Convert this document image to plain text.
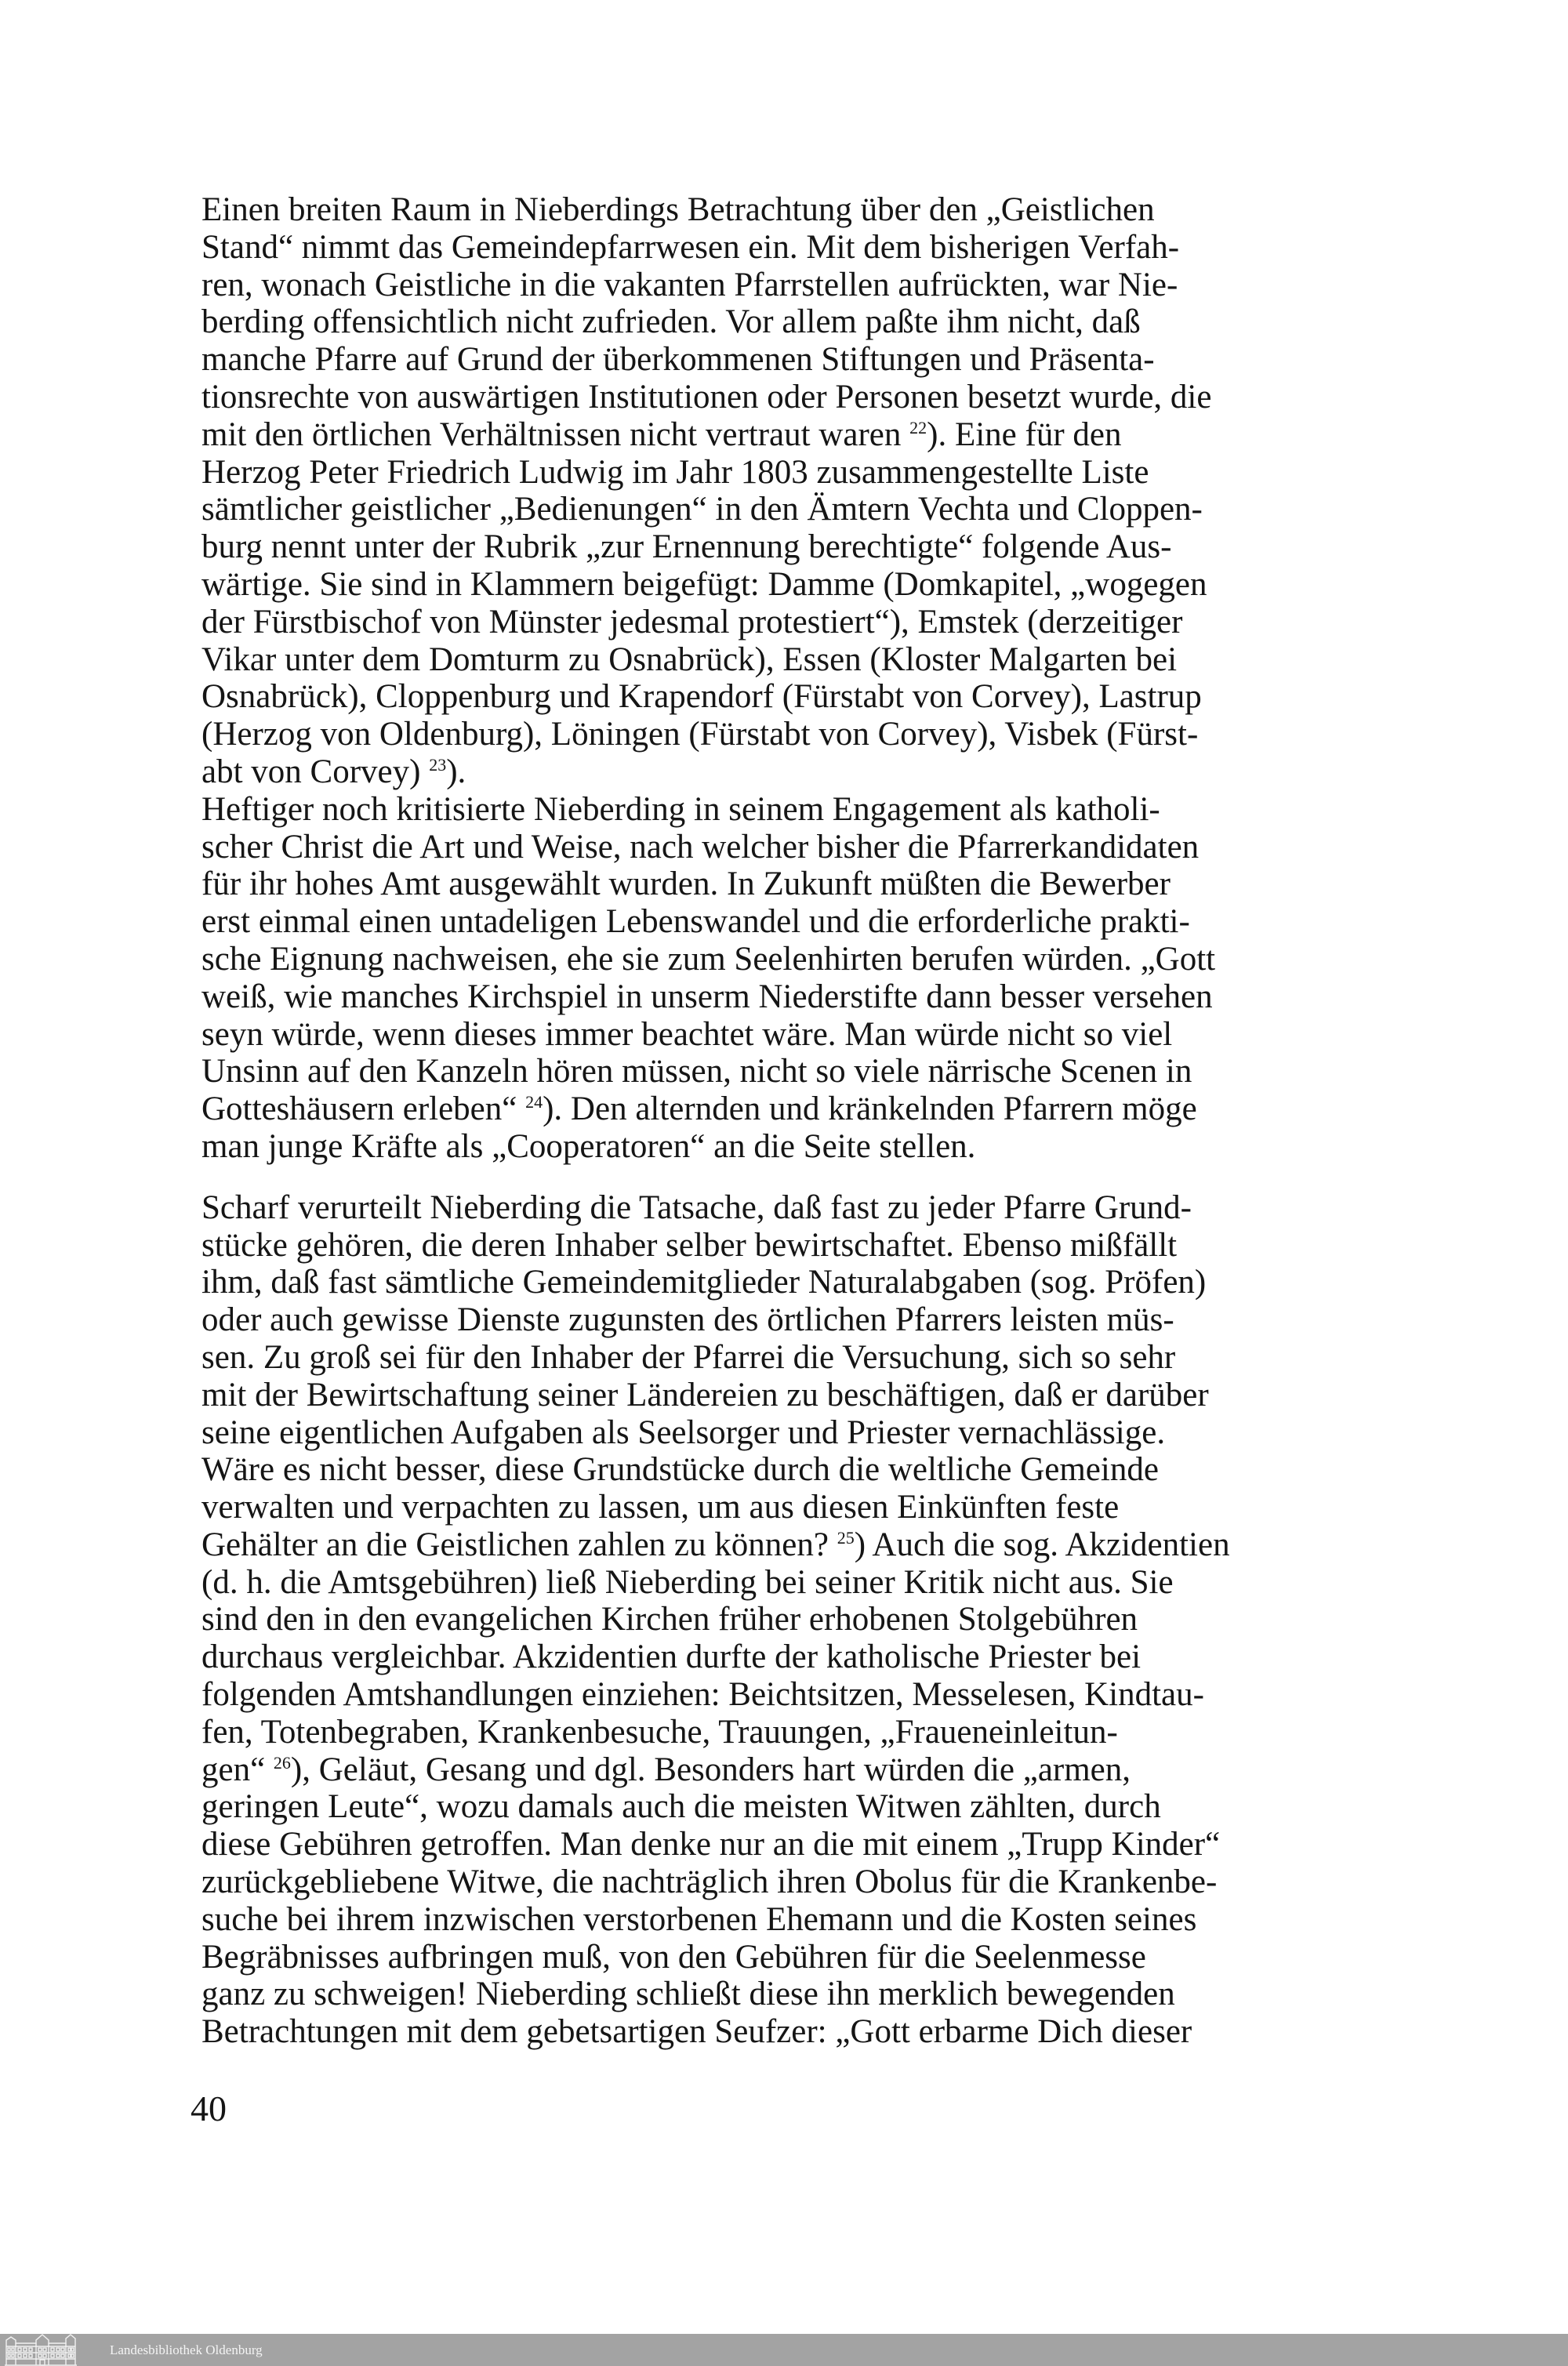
Einen breiten Raum in Nieberdings Betrachtung über den „Geistlichen
Stand“ nimmt das Gemeindepfarrwesen ein. Mit dem bisherigen Verfah-
ren, wonach Geistliche in die vakanten Pfarrstellen aufrückten, war Nie-
berding offensichtlich nicht zufrieden. Vor allem paßte ihm nicht, daß
manche Pfarre auf Grund der überkommenen Stiftungen und Präsenta-
tionsrechte von auswärtigen Institutionen oder Personen besetzt wurde, die
mit den örtlichen Verhältnissen nicht vertraut waren $^{22}$). Eine für den
Herzog Peter Friedrich Ludwig im Jahr 1803 zusammengestellte Liste
sämtlicher geistlicher „Bedienungen“ in den Ämtern Vechta und Cloppen-
burg nennt unter der Rubrik „zur Ernennung berechtigte“ folgende Aus-
wärtige. Sie sind in Klammern beigefügt: Damme (Domkapitel, „wogegen
der Fürstbischof von Münster jedesmal protestiert“), Emstek (derzeitiger
Vikar unter dem Domturm zu Osnabrück), Essen (Kloster Malgarten bei
Osnabrück), Cloppenburg und Krapendorf (Fürstabt von Corvey), Lastrup
(Herzog von Oldenburg), Löningen (Fürstabt von Corvey), Visbek (Fürst-
abt von Corvey) $^{23}$).
Heftiger noch kritisierte Nieberding in seinem Engagement als katholi-
scher Christ die Art und Weise, nach welcher bisher die Pfarrerkandidaten
für ihr hohes Amt ausgewählt wurden. In Zukunft müßten die Bewerber
erst einmal einen untadeligen Lebenswandel und die erforderliche prakti-
sche Eignung nachweisen, ehe sie zum Seelenhirten berufen würden. „Gott
weiß, wie manches Kirchspiel in unserm Niederstifte dann besser versehen
seyn würde, wenn dieses immer beachtet wäre. Man würde nicht so viel
Unsinn auf den Kanzeln hören müssen, nicht so viele närrische Scenen in
Gotteshäusern erleben“ $^{24}$). Den alternden und kränkelnden Pfarrern möge
man junge Kräfte als „Cooperatoren“ an die Seite stellen.
Scharf verurteilt Nieberding die Tatsache, daß fast zu jeder Pfarre Grund-
stücke gehören, die deren Inhaber selber bewirtschaftet. Ebenso mißfällt
ihm, daß fast sämtliche Gemeindemitglieder Naturalabgaben (sog. Pröfen)
oder auch gewisse Dienste zugunsten des örtlichen Pfarrers leisten müs-
sen. Zu groß sei für den Inhaber der Pfarrei die Versuchung, sich so sehr
mit der Bewirtschaftung seiner Ländereien zu beschäftigen, daß er darüber
seine eigentlichen Aufgaben als Seelsorger und Priester vernachlässige.
Wäre es nicht besser, diese Grundstücke durch die weltliche Gemeinde
verwalten und verpachten zu lassen, um aus diesen Einkünften feste
Gehälter an die Geistlichen zahlen zu können? $^{25}$) Auch die sog. Akzidentien
(d. h. die Amtsgebühren) ließ Nieberding bei seiner Kritik nicht aus. Sie
sind den in den evangelichen Kirchen früher erhobenen Stolgebühren
durchaus vergleichbar. Akzidentien durfte der katholische Priester bei
folgenden Amtshandlungen einziehen: Beichtsitzen, Messelesen, Kindtau-
fen, Totenbegraben, Krankenbesuche, Trauungen, „Fraueneinleitun-
gen“ $^{26}$), Geläut, Gesang und dgl. Besonders hart würden die „armen,
geringen Leute“, wozu damals auch die meisten Witwen zählten, durch
diese Gebühren getroffen. Man denke nur an die mit einem „Trupp Kinder“
zurückgebliebene Witwe, die nachträglich ihren Obolus für die Krankenbe-
suche bei ihrem inzwischen verstorbenen Ehemann und die Kosten seines
Begräbnisses aufbringen muß, von den Gebühren für die Seelenmesse
ganz zu schweigen! Nieberding schließt diese ihn merklich bewegenden
Betrachtungen mit dem gebetsartigen Seufzer: „Gott erbarme Dich dieser
40
Landesbibliothek Oldenburg
